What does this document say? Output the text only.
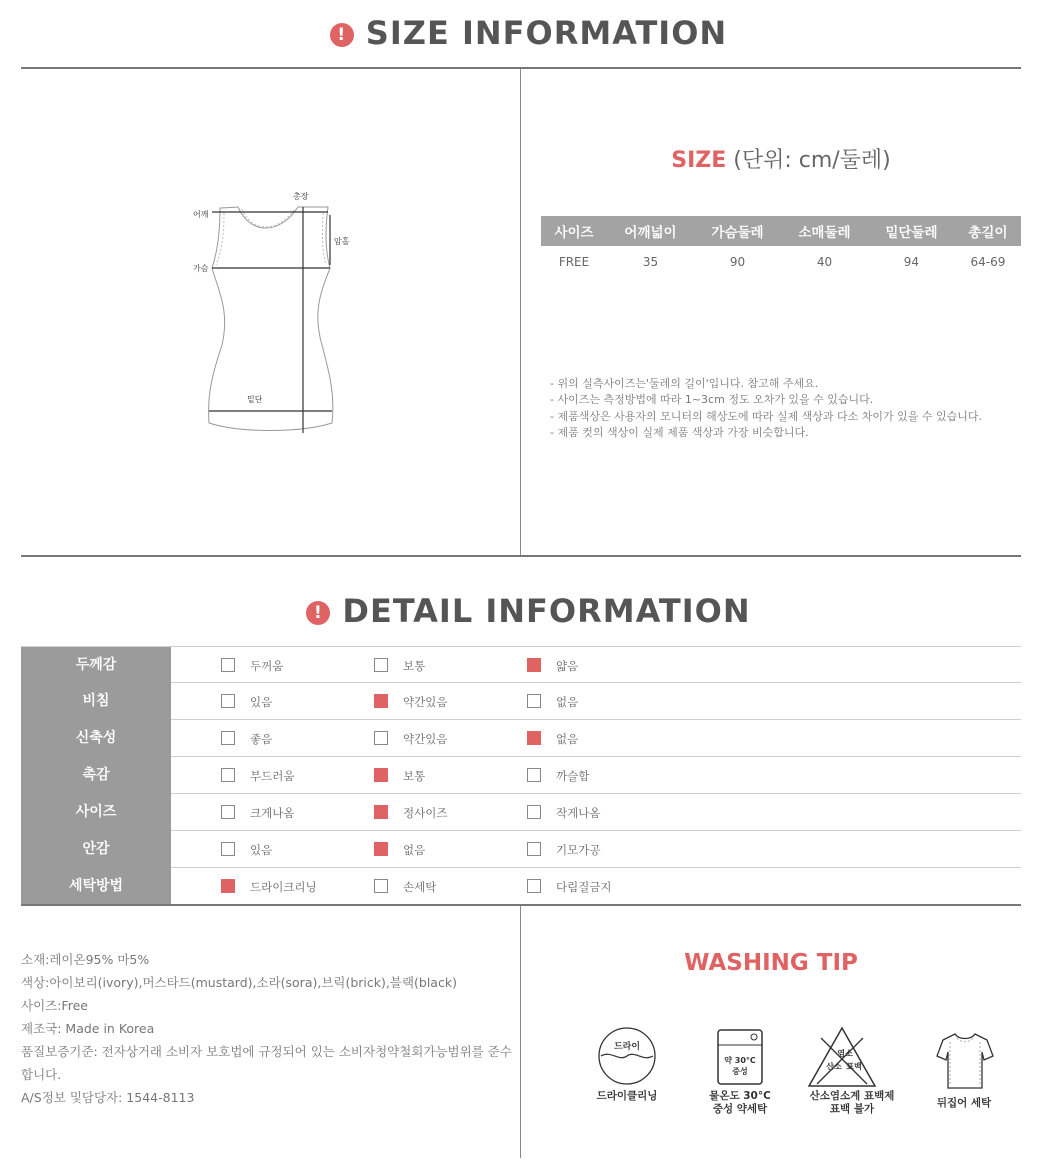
! SIZE INFORMATION
총장
어깨
암홀
가슴
밑단
SIZE (단위: cm/둘레)
사이즈	어깨넓이	가슴둘레	소매둘레	밑단둘레	총길이
FREE	35	90	40	94	64-69
- 위의 실측사이즈는'둘레의 길이'입니다. 참고해 주세요.
- 사이즈는 측정방법에 따라 1~3cm 정도 오차가 있을 수 있습니다.
- 제품색상은 사용자의 모니터의 해상도에 따라 실제 색상과 다소 차이가 있을 수 있습니다.
- 제품 컷의 색상이 실제 제품 색상과 가장 비슷합니다.
! DETAIL INFORMATION
두께감	두꺼움	보통	얇음
비침	있음	약간있음	없음
신축성	좋음	약간있음	없음
촉감	부드러움	보통	까슬함
사이즈	크게나옴	정사이즈	작게나옴
안감	있음	없음	기모가공
세탁방법	드라이크리닝	손세탁	다림질금지
소재:레이온95% 마5%
색상:아이보리(ivory),머스타드(mustard),소라(sora),브릭(brick),블랙(black)
사이즈:Free
제조국: Made in Korea
품질보증기준: 전자상거래 소비자 보호법에 규정되어 있는 소비자청약철회가능범위를 준수합니다.
A/S정보 및담당자: 1544-8113
WASHING TIP
드라이
약 30°C
중성
염소
산소 표백
드라이클리닝	물온도 30°C
중성 약세탁
산소염소계 표백제
표백 불가	뒤집어 세탁
